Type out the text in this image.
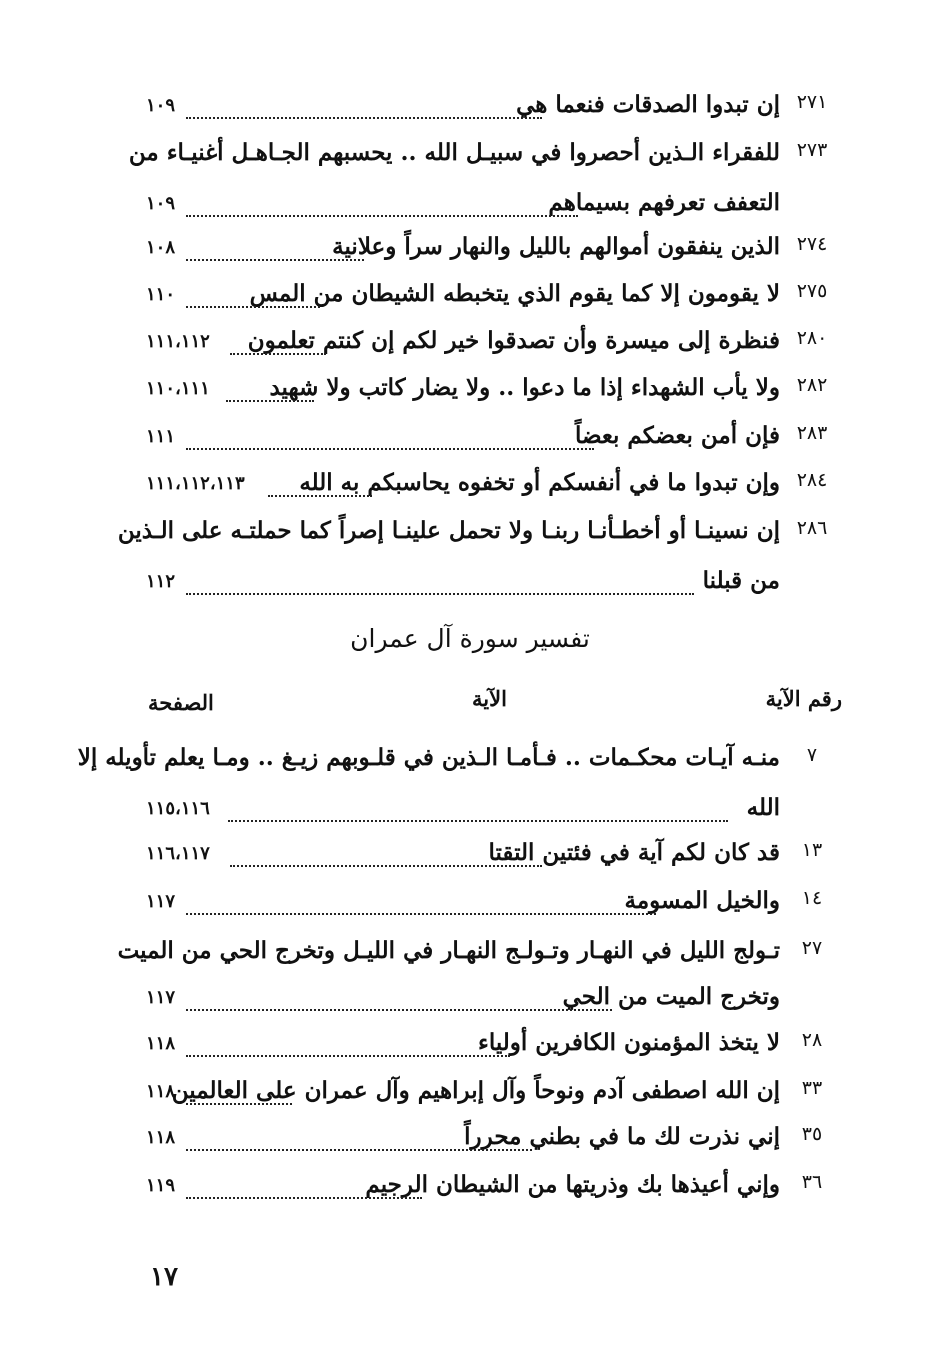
٢٧١
إن تبدوا الصدقات فنعما هي
١٠٩
٢٧٣
للفقراء الـذين أحصروا في سبيـل الله .. يحسبهم الجـاهـل أغنيـاء من
التعفف تعرفهم بسيماهم
١٠٩
٢٧٤
الذين ينفقون أموالهم بالليل والنهار سراً وعلانية
١٠٨
٢٧٥
لا يقومون إلا كما يقوم الذي يتخبطه الشيطان من المس
١١٠
٢٨٠
فنظرة إلى ميسرة وأن تصدقوا خير لكم إن كنتم تعلمون
١١١،١١٢
٢٨٢
ولا يأب الشهداء إذا ما دعوا .. ولا يضار كاتب ولا شهيد
١١٠،١١١
٢٨٣
فإن أمن بعضكم بعضاً
١١١
٢٨٤
وإن تبدوا ما في أنفسكم أو تخفوه يحاسبكم به الله
١١١،١١٢،١١٣
٢٨٦
إن نسينـا أو أخطـأنـا ربنـا ولا تحمل علينـا إصراً كما حملتـه على الـذين
من قبلنا
١١٢
تفسير سورة آل عمران
رقم الآية
الآية
الصفحة
٧
منـه آيـات محكـمات .. فـأمـا الـذين في قلـوبهم زيـغ .. ومـا يعلم تأويله إلا
الله
١١٥،١١٦
١٣
قد كان لكم آية في فئتين التقتا
١١٦،١١٧
١٤
والخيل المسومة
١١٧
٢٧
تـولج الليل في النهـار وتـولـج النهـار في الليـل وتخرج الحي من الميت
وتخرج الميت من الحي
١١٧
٢٨
لا يتخذ المؤمنون الكافرين أولياء
١١٨
٣٣
إن الله اصطفى آدم ونوحاً وآل إبراهيم وآل عمران على العالمين
١١٨
٣٥
إني نذرت لك ما في بطني محرراً
١١٨
٣٦
وإني أعيذها بك وذريتها من الشيطان الرجيم
١١٩
١٧
